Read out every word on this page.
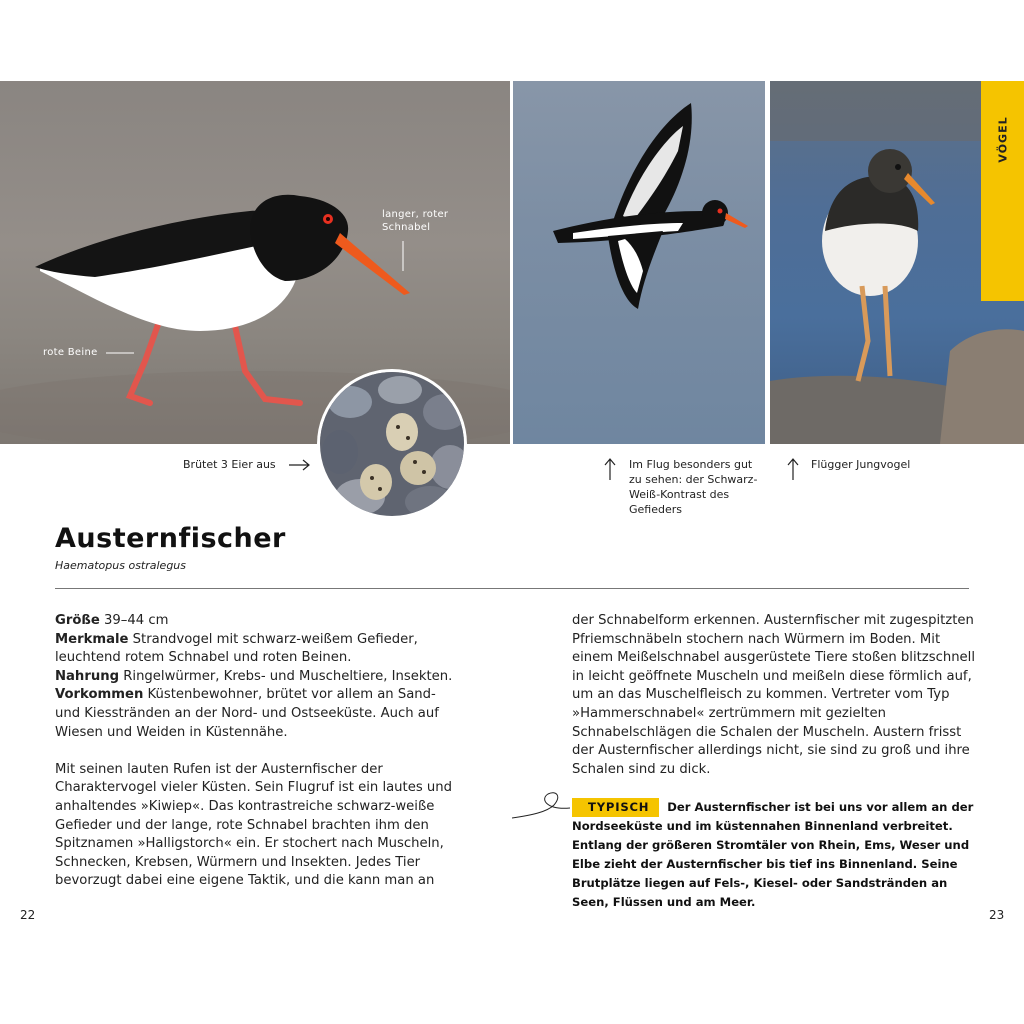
langer, roter
Schnabel
rote Beine
VÖGEL
Brütet 3 Eier aus	Im Flug besonders gut zu sehen: der Schwarz-Weiß-Kontrast des Gefieders
Flügger Jungvogel
Austernfischer
Haematopus ostralegus

Größe 39–44 cm

Merkmale Strandvogel mit schwarz-weißem Gefieder, leuchtend rotem Schnabel und roten Beinen.

Nahrung Ringelwürmer, Krebs- und Muscheltiere, Insekten.

Vorkommen Küstenbewohner, brütet vor allem an Sand- und Kiesstränden an der Nord- und Ostseeküste. Auch auf Wiesen und Weiden in Küstennähe.

Mit seinen lauten Rufen ist der Austernfischer der Charaktervogel vieler Küsten. Sein Flugruf ist ein lautes und anhaltendes »Kiwiep«. Das kontrastreiche schwarz-weiße Gefieder und der lange, rote Schnabel brachten ihm den Spitznamen »Halligstorch« ein. Er stochert nach Muscheln, Schnecken, Krebsen, Würmern und Insekten. Jedes Tier bevorzugt dabei eine eigene Taktik, und die kann man an

der Schnabelform erkennen. Austernfischer mit zugespitzten Pfriemschnäbeln stochern nach Würmern im Boden. Mit einem Meißelschnabel ausgerüstete Tiere stoßen blitzschnell in leicht geöffnete Muscheln und meißeln diese förmlich auf, um an das Muschelfleisch zu kommen. Vertreter vom Typ »Hammerschnabel« zertrümmern mit gezielten Schnabelschlägen die Schalen der Muscheln. Austern frisst der Austernfischer allerdings nicht, sie sind zu groß und ihre Schalen sind zu dick.

TYPISCH Der Austernfischer ist bei uns vor allem an der Nordseeküste und im küstennahen Binnenland verbreitet. Entlang der größeren Stromtäler von Rhein, Ems, Weser und Elbe zieht der Austernfischer bis tief ins Binnenland. Seine Brutplätze liegen auf Fels-, Kiesel- oder Sandstränden an Seen, Flüssen und am Meer.
22	23
